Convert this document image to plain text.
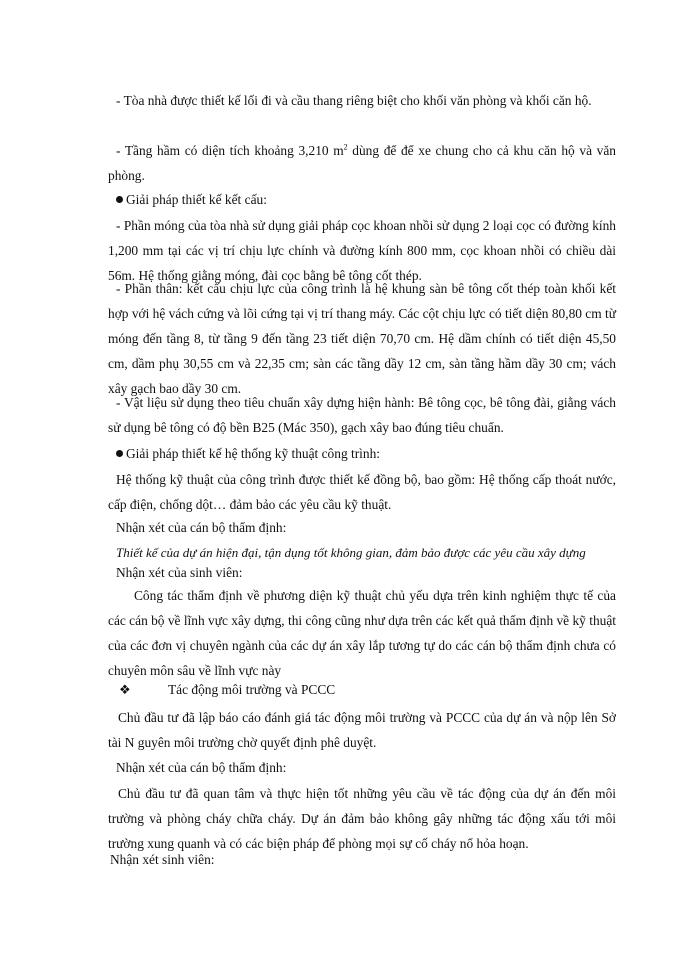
- Tòa nhà được thiết kế lối đi và cầu thang riêng biệt cho khối văn phòng và khối căn hộ.

- Tầng hầm có diện tích khoảng 3,210 $m^2$ dùng để để xe chung cho cả khu căn hộ và văn phòng.

Giải pháp thiết kế kết cấu:

- Phần móng của tòa nhà sử dụng giải pháp cọc khoan nhồi sử dụng 2 loại cọc có đường kính 1,200 mm tại các vị trí chịu lực chính và đường kính 800 mm, cọc khoan nhồi có chiều dài 56m. Hệ thống giằng móng, đài cọc bằng bê tông cốt thép.

- Phần thân: kết cấu chịu lực của công trình là hệ khung sàn bê tông cốt thép toàn khối kết hợp với hệ vách cứng và lõi cứng tại vị trí thang máy. Các cột chịu lực có tiết diện 80,80 cm từ móng đến tầng 8, từ tầng 9 đến tầng 23 tiết diện 70,70 cm. Hệ dầm chính có tiết diện 45,50 cm, dầm phụ 30,55 cm và 22,35 cm; sàn các tầng dầy 12 cm, sàn tầng hầm dầy 30 cm; vách xây gạch bao dầy 30 cm.

- Vật liệu sử dụng theo tiêu chuẩn xây dựng hiện hành: Bê tông cọc, bê tông đài, giằng vách sử dụng bê tông có độ bền B25 (Mác 350), gạch xây bao đúng tiêu chuẩn.

Giải pháp thiết kế hệ thống kỹ thuật công trình:

Hệ thống kỹ thuật của công trình được thiết kế đồng bộ, bao gồm: Hệ thống cấp thoát nước, cấp điện, chống dột… đảm bảo các yêu cầu kỹ thuật.

Nhận xét của cán bộ thẩm định:

Thiết kế của dự án hiện đại, tận dụng tốt không gian, đảm bảo được các yêu cầu xây dựng

Nhận xét của sinh viên:

Công tác thẩm định về phương diện kỹ thuật chủ yếu dựa trên kinh nghiệm thực tế của các cán bộ về lĩnh vực xây dựng, thi công cũng như dựa trên các kết quả thẩm định về kỹ thuật của các đơn vị chuyên ngành của các dự án xây lắp tương tự do các cán bộ thẩm định chưa có chuyên môn sâu về lĩnh vực này

❖	Tác động môi trường và PCCC

Chủ đầu tư đã lập báo cáo đánh giá tác động môi trường và PCCC của dự án và nộp lên Sở tài N guyên môi trường chờ quyết định phê duyệt.

Nhận xét của cán bộ thẩm định:

Chủ đầu tư đã quan tâm và thực hiện tốt những yêu cầu về tác động của dự án đến môi trường và phòng cháy chữa cháy. Dự án đảm bảo không gây những tác động xấu tới môi trường xung quanh và có các biện pháp để phòng mọi sự cố cháy nổ hỏa hoạn.

Nhận xét sinh viên:
